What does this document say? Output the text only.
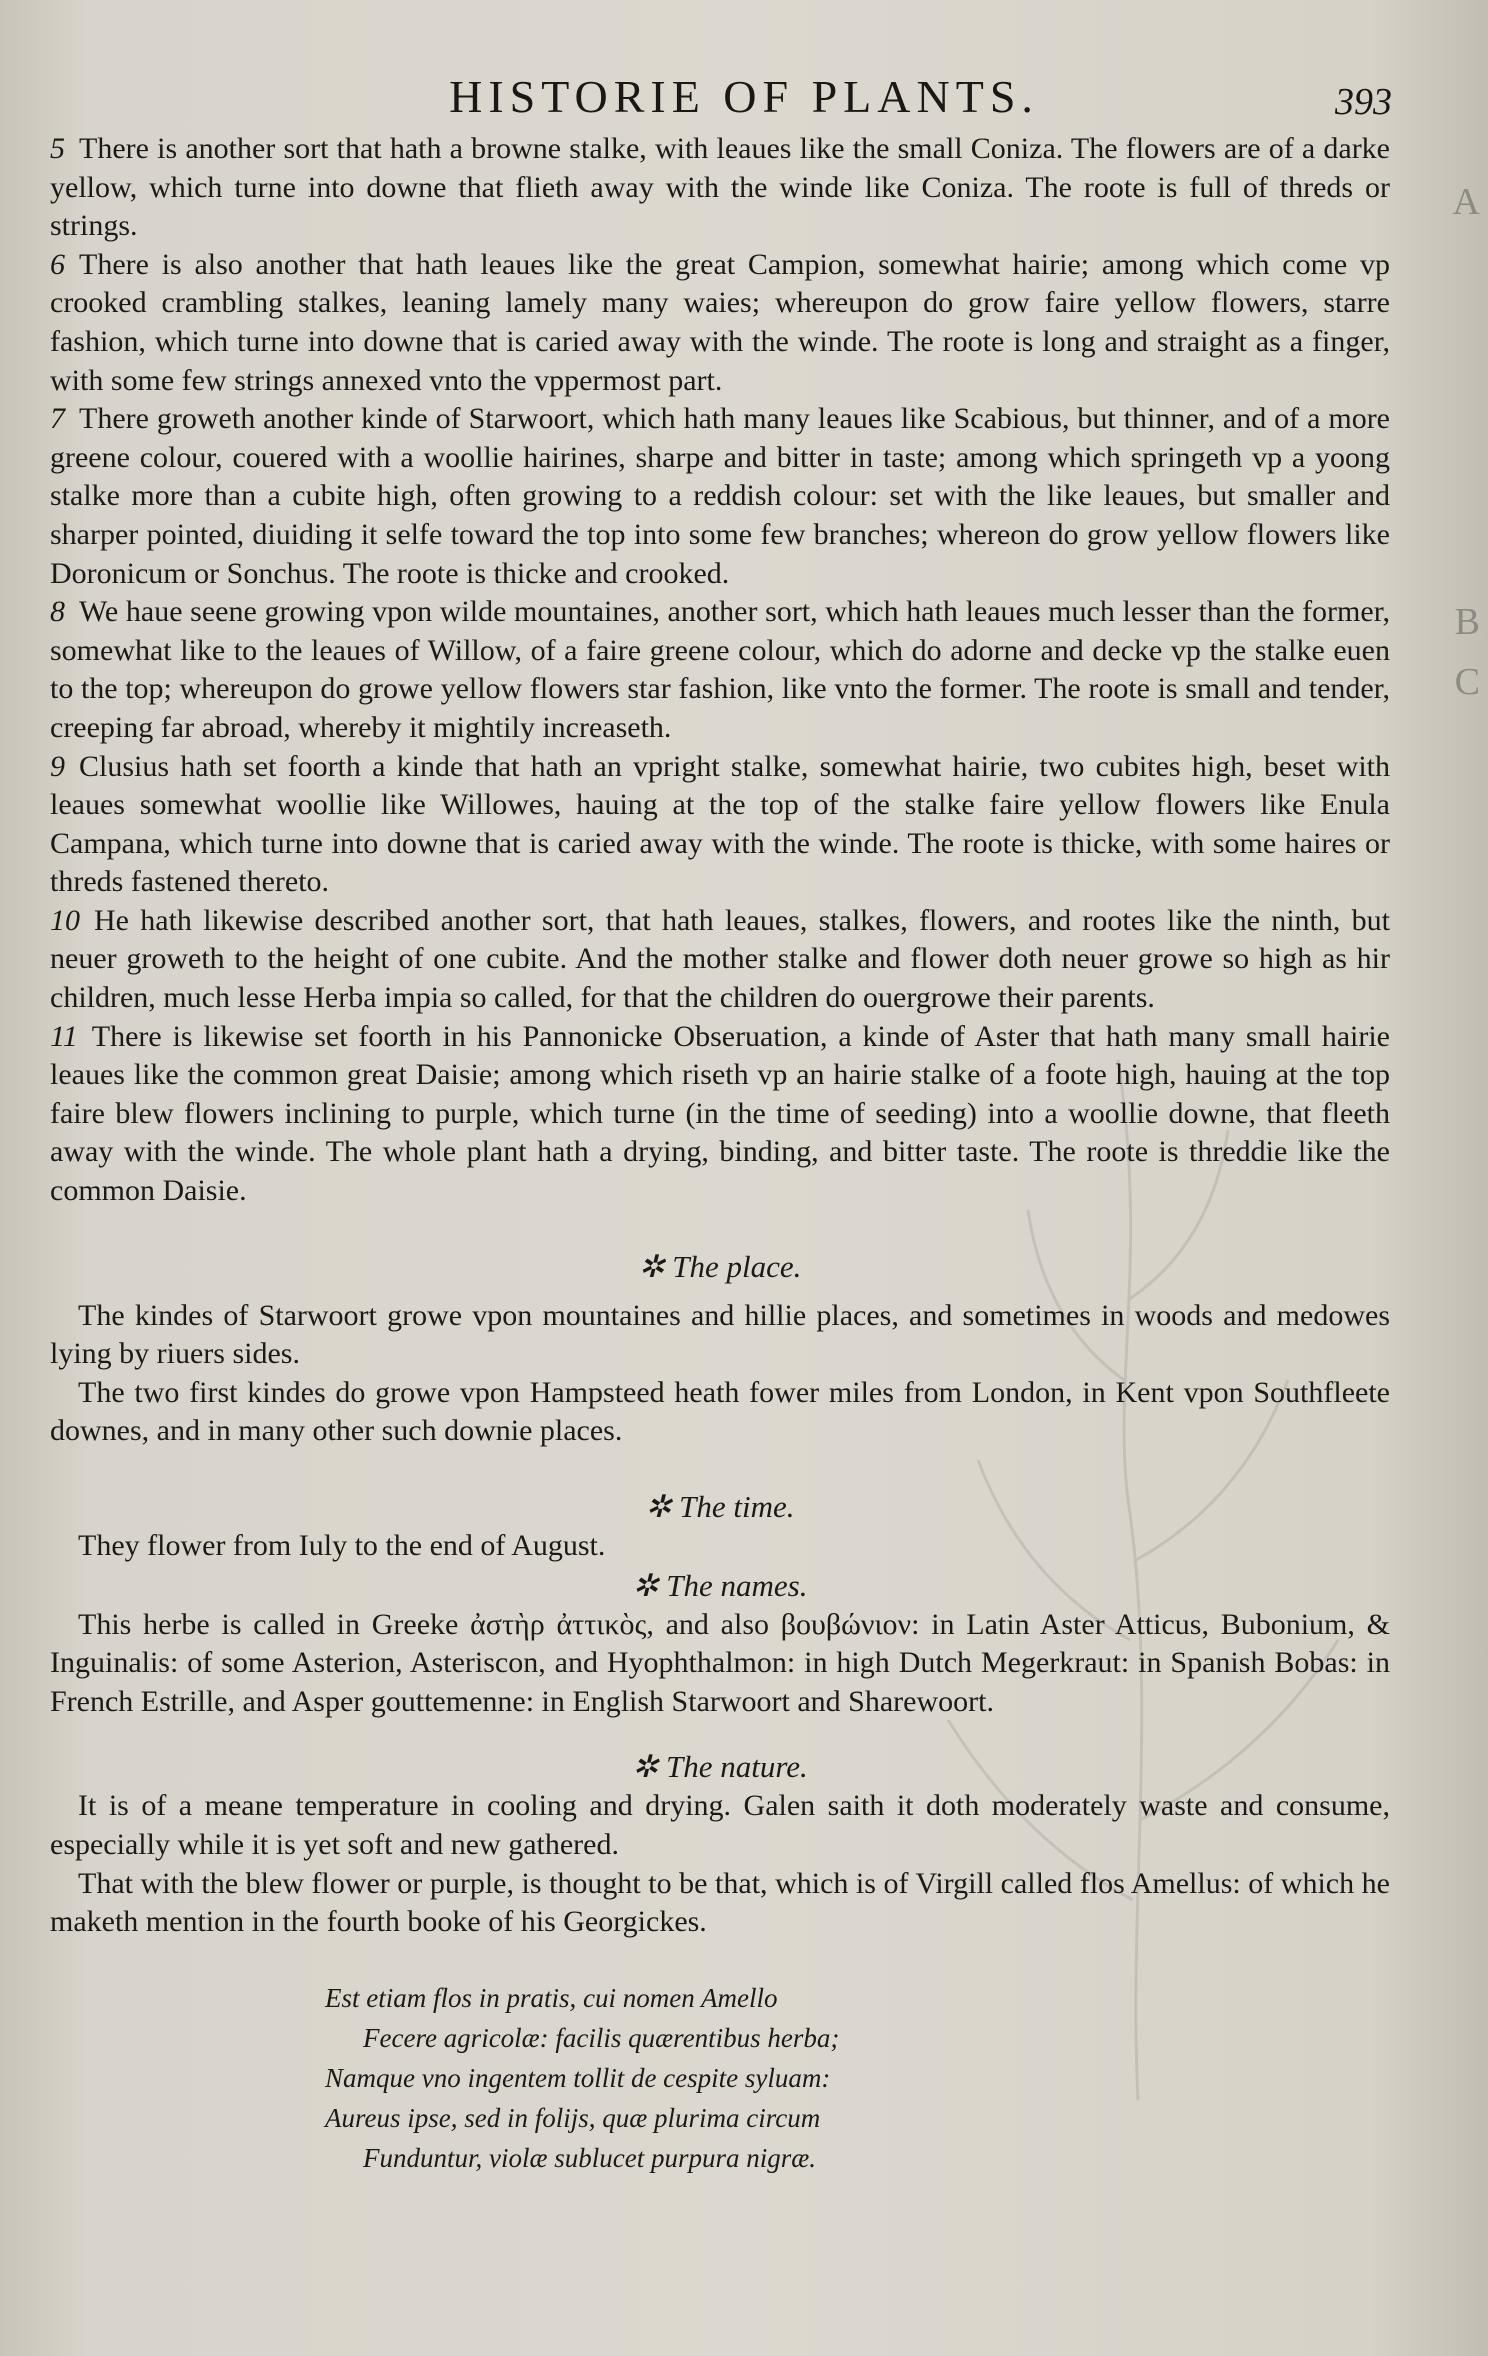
A
B
C
HISTORIE OF PLANTS.	393

5 There is another sort that hath a browne stalke, with leaues like the small Coniza. The flowers are of a darke yellow, which turne into downe that flieth away with the winde like Coniza. The roote is full of threds or strings.

6 There is also another that hath leaues like the great Campion, somewhat hairie; among which come vp crooked crambling stalkes, leaning lamely many waies; whereupon do grow faire yellow flowers, starre fashion, which turne into downe that is caried away with the winde. The roote is long and straight as a finger, with some few strings annexed vnto the vppermost part.

7 There groweth another kinde of Starwoort, which hath many leaues like Scabious, but thinner, and of a more greene colour, couered with a woollie hairines, sharpe and bitter in taste; among which springeth vp a yoong stalke more than a cubite high, often growing to a reddish colour: set with the like leaues, but smaller and sharper pointed, diuiding it selfe toward the top into some few branches; whereon do grow yellow flowers like Doronicum or Sonchus. The roote is thicke and crooked.

8 We haue seene growing vpon wilde mountaines, another sort, which hath leaues much lesser than the former, somewhat like to the leaues of Willow, of a faire greene colour, which do adorne and decke vp the stalke euen to the top; whereupon do growe yellow flowers star fashion, like vnto the former. The roote is small and tender, creeping far abroad, whereby it mightily increaseth.

9 Clusius hath set foorth a kinde that hath an vpright stalke, somewhat hairie, two cubites high, beset with leaues somewhat woollie like Willowes, hauing at the top of the stalke faire yellow flowers like Enula Campana, which turne into downe that is caried away with the winde. The roote is thicke, with some haires or threds fastened thereto.

10 He hath likewise described another sort, that hath leaues, stalkes, flowers, and rootes like the ninth, but neuer groweth to the height of one cubite. And the mother stalke and flower doth neuer growe so high as hir children, much lesse Herba impia so called, for that the children do ouergrowe their parents.

11 There is likewise set foorth in his Pannonicke Obseruation, a kinde of Aster that hath many small hairie leaues like the common great Daisie; among which riseth vp an hairie stalke of a foote high, hauing at the top faire blew flowers inclining to purple, which turne (in the time of seeding) into a woollie downe, that fleeth away with the winde. The whole plant hath a drying, binding, and bitter taste. The roote is threddie like the common Daisie.

✲ The place.

The kindes of Starwoort growe vpon mountaines and hillie places, and sometimes in woods and medowes lying by riuers sides.

The two first kindes do growe vpon Hampsteed heath fower miles from London, in Kent vpon Southfleete downes, and in many other such downie places.

✲ The time.

They flower from Iuly to the end of August.

✲ The names.

This herbe is called in Greeke ἀστὴρ ἀττικὸς, and also βουβώνιον: in Latin Aster Atticus, Bubonium, & Inguinalis: of some Asterion, Asteriscon, and Hyophthalmon: in high Dutch Megerkraut: in Spanish Bobas: in French Estrille, and Asper gouttemenne: in English Starwoort and Sharewoort.

✲ The nature.

It is of a meane temperature in cooling and drying. Galen saith it doth moderately waste and consume, especially while it is yet soft and new gathered.

That with the blew flower or purple, is thought to be that, which is of Virgill called flos Amellus: of which he maketh mention in the fourth booke of his Georgickes.

Est etiam flos in pratis, cui nomen Amello
Fecere agricolæ: facilis quærentibus herba;
Namque vno ingentem tollit de cespite syluam:
Aureus ipse, sed in folijs, quæ plurima circum
Funduntur, violæ sublucet purpura nigræ.
